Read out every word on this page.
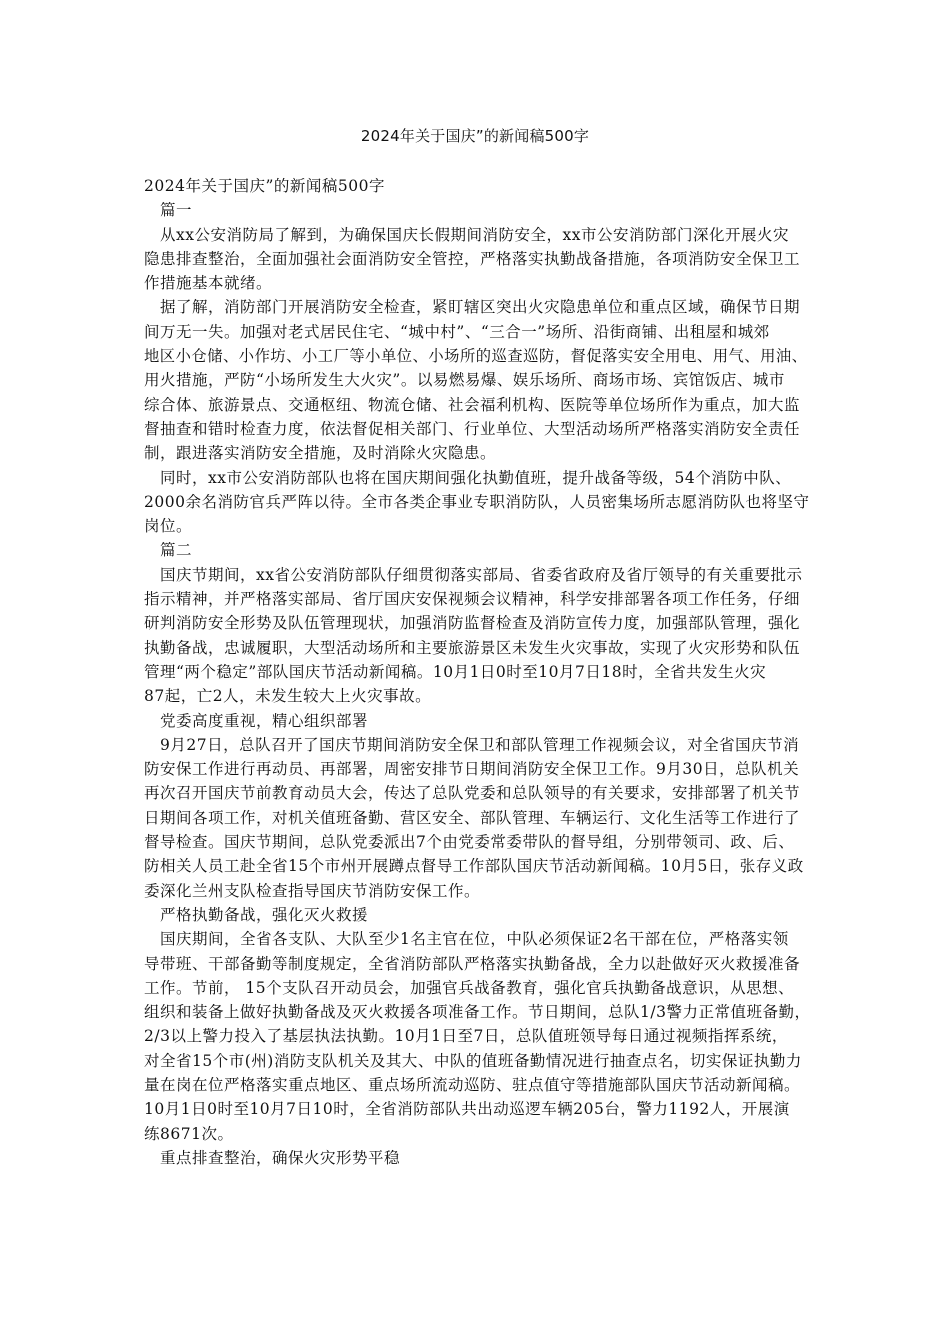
2024年关于国庆”的新闻稿500字
2024年关于国庆”的新闻稿500字
篇一
从xx公安消防局了解到，为确保国庆长假期间消防安全，xx市公安消防部门深化开展火灾
隐患排查整治，全面加强社会面消防安全管控，严格落实执勤战备措施，各项消防安全保卫工
作措施基本就绪。
据了解，消防部门开展消防安全检查，紧盯辖区突出火灾隐患单位和重点区域，确保节日期
间万无一失。加强对老式居民住宅、“城中村”、“三合一”场所、沿街商铺、出租屋和城郊
地区小仓储、小作坊、小工厂等小单位、小场所的巡查巡防，督促落实安全用电、用气、用油、
用火措施，严防“小场所发生大火灾”。以易燃易爆、娱乐场所、商场市场、宾馆饭店、城市
综合体、旅游景点、交通枢纽、物流仓储、社会福利机构、医院等单位场所作为重点，加大监
督抽查和错时检查力度，依法督促相关部门、行业单位、大型活动场所严格落实消防安全责任
制，跟进落实消防安全措施，及时消除火灾隐患。
同时，xx市公安消防部队也将在国庆期间强化执勤值班，提升战备等级，54个消防中队、
2000余名消防官兵严阵以待。全市各类企事业专职消防队，人员密集场所志愿消防队也将坚守
岗位。
篇二
国庆节期间，xx省公安消防部队仔细贯彻落实部局、省委省政府及省厅领导的有关重要批示
指示精神，并严格落实部局、省厅国庆安保视频会议精神，科学安排部署各项工作任务，仔细
研判消防安全形势及队伍管理现状，加强消防监督检查及消防宣传力度，加强部队管理，强化
执勤备战，忠诚履职，大型活动场所和主要旅游景区未发生火灾事故，实现了火灾形势和队伍
管理“两个稳定”部队国庆节活动新闻稿。10月1日0时至10月7日18时，全省共发生火灾
87起，亡2人，未发生较大上火灾事故。
党委高度重视，精心组织部署
9月27日，总队召开了国庆节期间消防安全保卫和部队管理工作视频会议，对全省国庆节消
防安保工作进行再动员、再部署，周密安排节日期间消防安全保卫工作。9月30日，总队机关
再次召开国庆节前教育动员大会，传达了总队党委和总队领导的有关要求，安排部署了机关节
日期间各项工作，对机关值班备勤、营区安全、部队管理、车辆运行、文化生活等工作进行了
督导检查。国庆节期间，总队党委派出7个由党委常委带队的督导组，分别带领司、政、后、
防相关人员工赴全省15个市州开展蹲点督导工作部队国庆节活动新闻稿。10月5日，张存义政
委深化兰州支队检查指导国庆节消防安保工作。
严格执勤备战，强化灭火救援
国庆期间，全省各支队、大队至少1名主官在位，中队必须保证2名干部在位，严格落实领
导带班、干部备勤等制度规定，全省消防部队严格落实执勤备战，全力以赴做好灭火救援准备
工作。节前， 15个支队召开动员会，加强官兵战备教育，强化官兵执勤备战意识，从思想、
组织和装备上做好执勤备战及灭火救援各项准备工作。节日期间，总队1/3警力正常值班备勤，
2/3以上警力投入了基层执法执勤。10月1日至7日，总队值班领导每日通过视频指挥系统，
对全省15个市(州)消防支队机关及其大、中队的值班备勤情况进行抽查点名，切实保证执勤力
量在岗在位严格落实重点地区、重点场所流动巡防、驻点值守等措施部队国庆节活动新闻稿。
10月1日0时至10月7日10时，全省消防部队共出动巡逻车辆205台，警力1192人，开展演
练8671次。
重点排查整治，确保火灾形势平稳
